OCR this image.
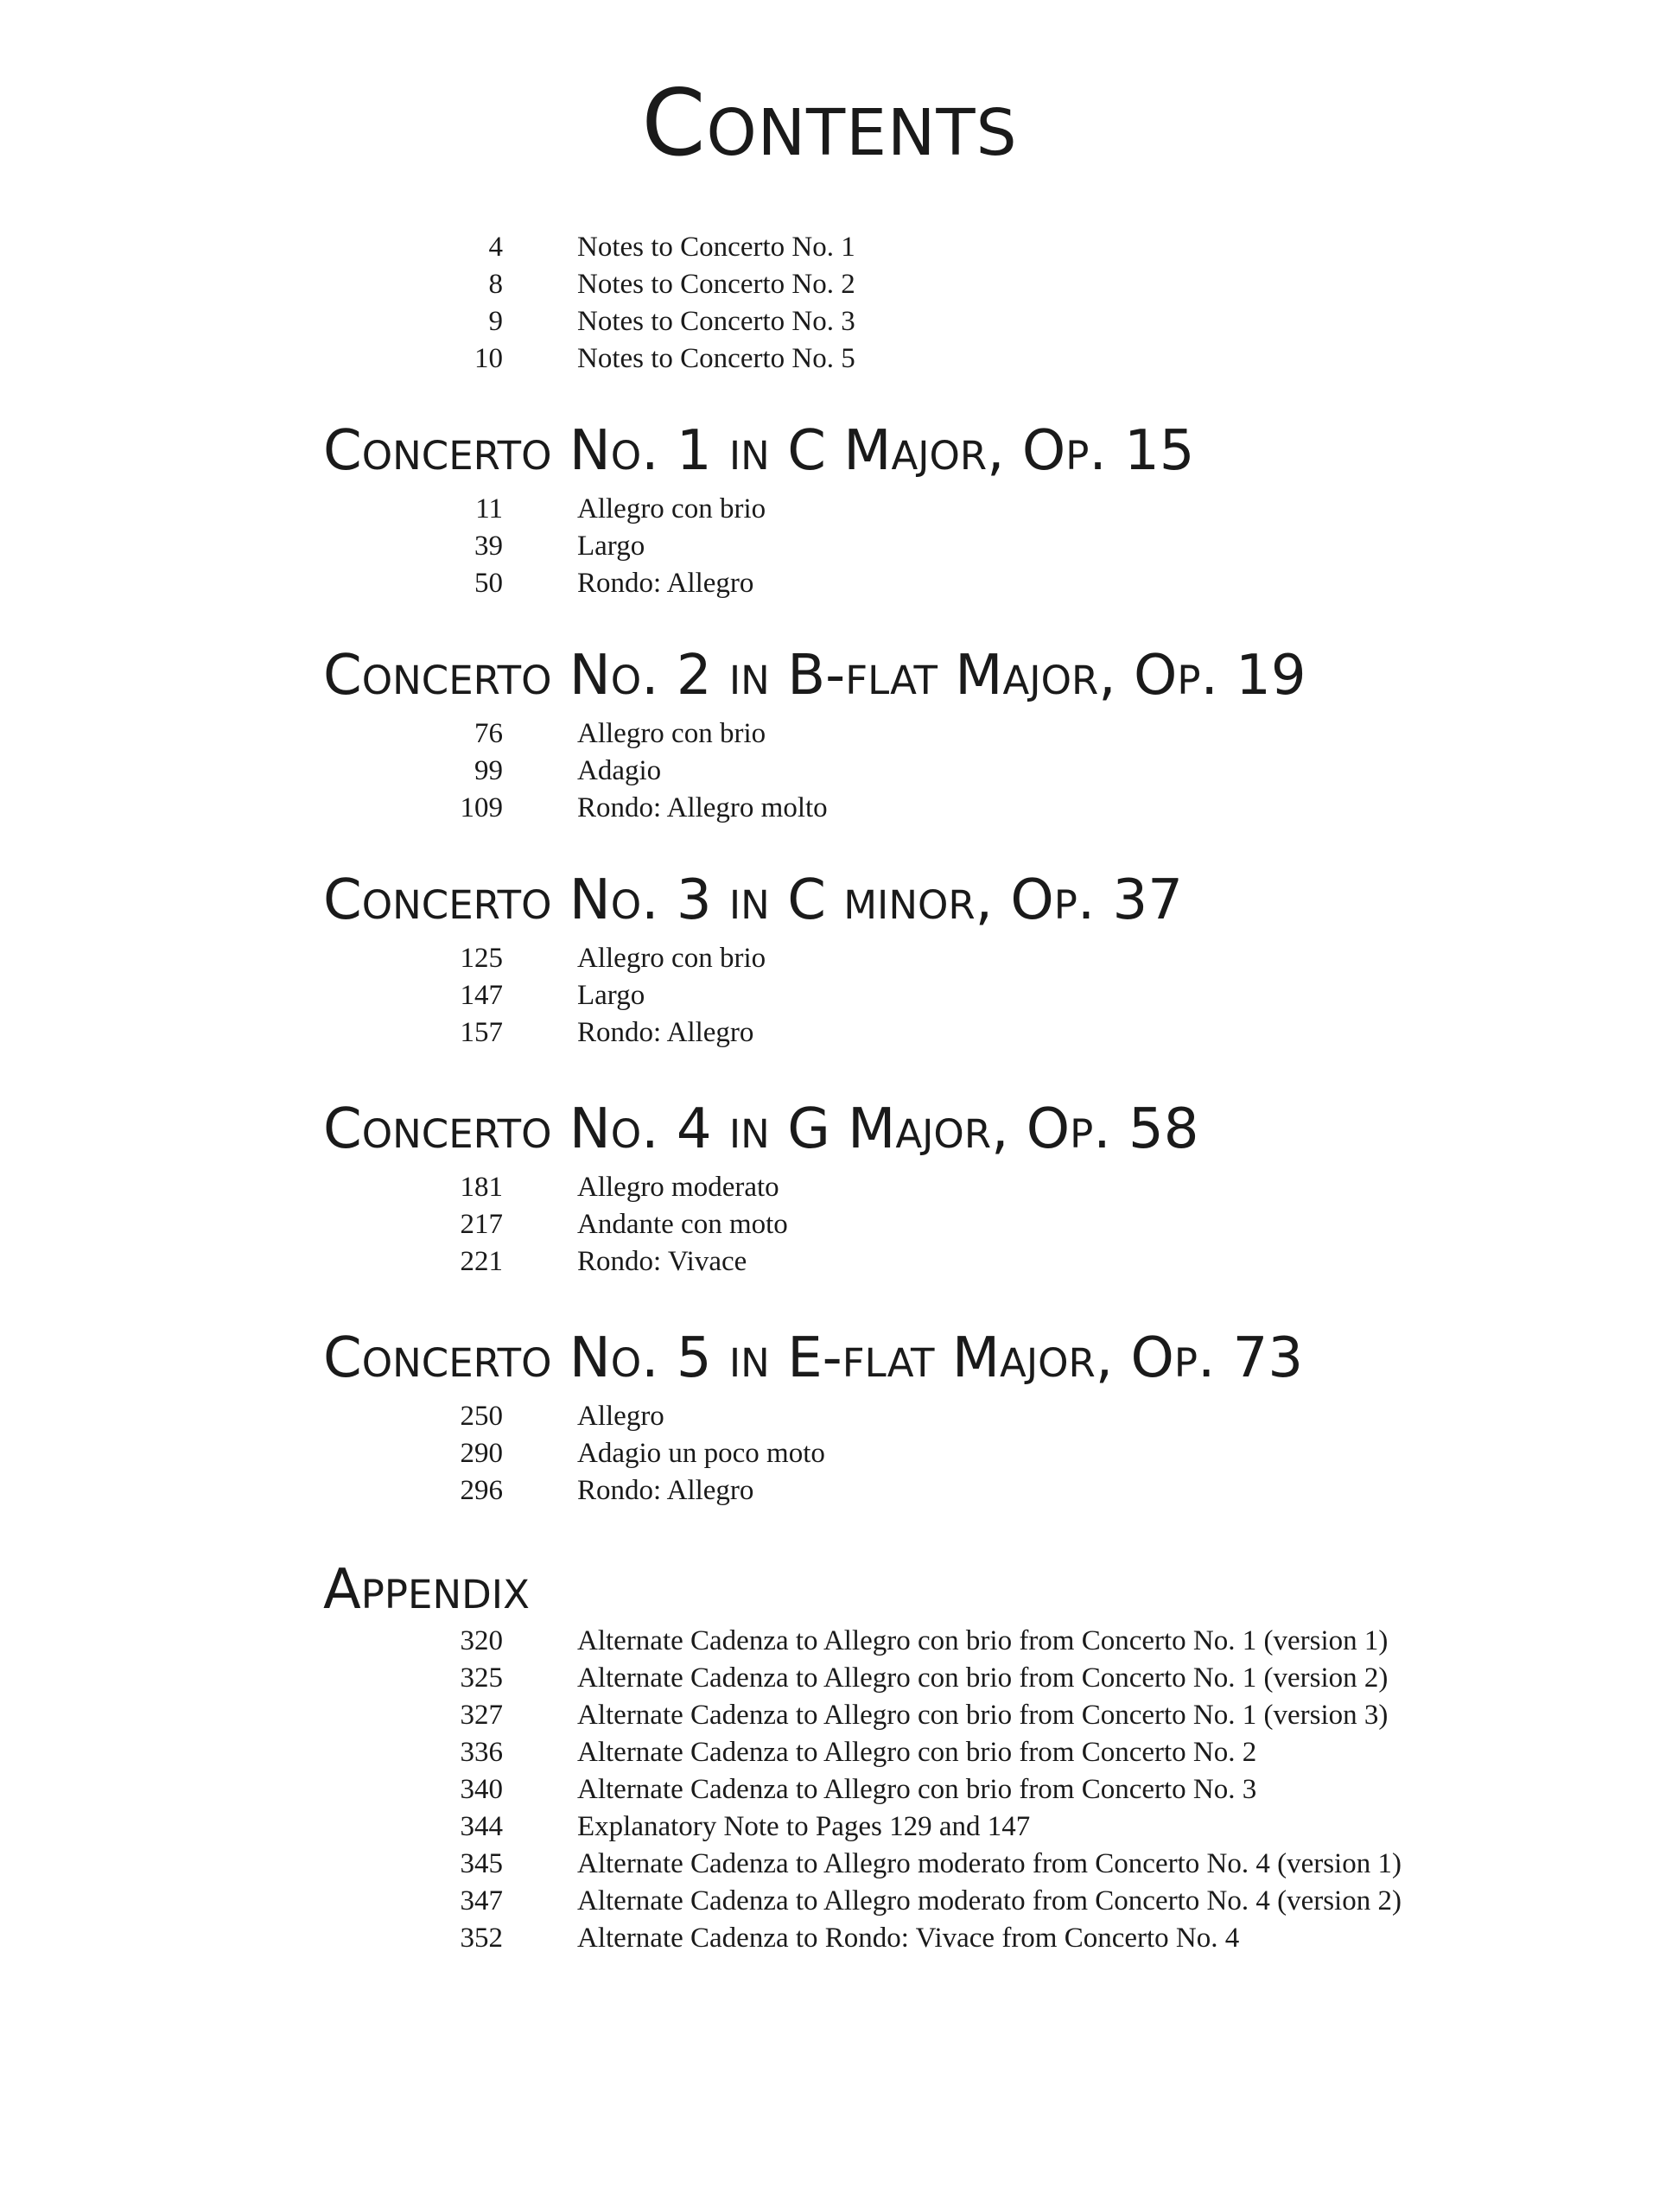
Contents
4	Notes to Concerto No. 1
8	Notes to Concerto No. 2
9	Notes to Concerto No. 3
10	Notes to Concerto No. 5
Concerto No. 1 in C Major, Op. 15
11	Allegro con brio
39	Largo
50	Rondo: Allegro
Concerto No. 2 in B-flat Major, Op. 19
76	Allegro con brio
99	Adagio
109	Rondo: Allegro molto
Concerto No. 3 in C minor, Op. 37
125	Allegro con brio
147	Largo
157	Rondo: Allegro
Concerto No. 4 in G Major, Op. 58
181	Allegro moderato
217	Andante con moto
221	Rondo: Vivace
Concerto No. 5 in E-flat Major, Op. 73
250	Allegro
290	Adagio un poco moto
296	Rondo: Allegro
Appendix
320	Alternate Cadenza to Allegro con brio from Concerto No. 1 (version 1)
325	Alternate Cadenza to Allegro con brio from Concerto No. 1 (version 2)
327	Alternate Cadenza to Allegro con brio from Concerto No. 1 (version 3)
336	Alternate Cadenza to Allegro con brio from Concerto No. 2
340	Alternate Cadenza to Allegro con brio from Concerto No. 3
344	Explanatory Note to Pages 129 and 147
345	Alternate Cadenza to Allegro moderato from Concerto No. 4 (version 1)
347	Alternate Cadenza to Allegro moderato from Concerto No. 4 (version 2)
352	Alternate Cadenza to Rondo: Vivace from Concerto No. 4
